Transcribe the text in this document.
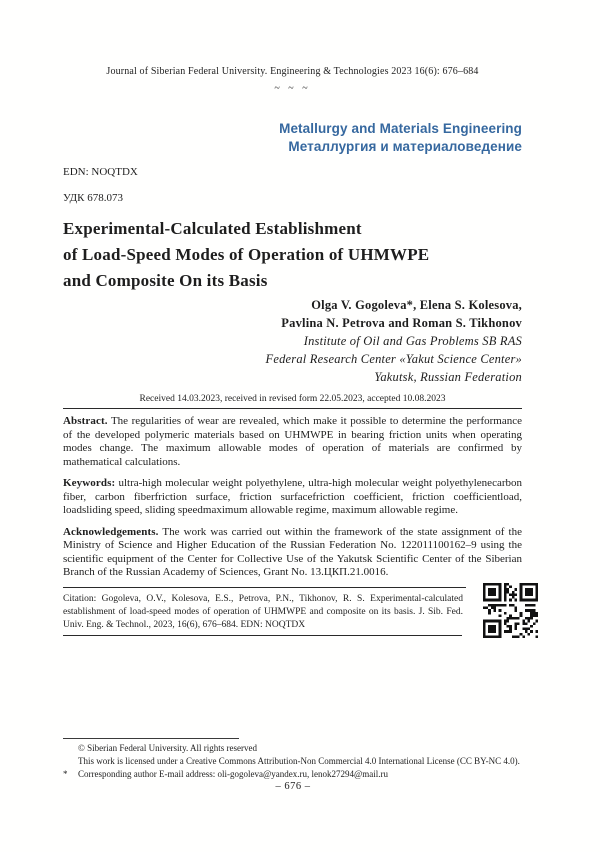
Journal of Siberian Federal University. Engineering & Technologies 2023 16(6): 676–684
~ ~ ~
Metallurgy and Materials Engineering
Металлургия и материаловедение
EDN: NOQTDX
УДК 678.073
Experimental-Calculated Establishment
of Load-Speed Modes of Operation of UHMWPE
and Composite On its Basis
Olga V. Gogoleva*, Elena S. Kolesova,
Pavlina N. Petrova and Roman S. Tikhonov
Institute of Oil and Gas Problems SB RAS
Federal Research Center «Yakut Science Center»
Yakutsk, Russian Federation
Received 14.03.2023, received in revised form 22.05.2023, accepted 10.08.2023
Abstract. The regularities of wear are revealed, which make it possible to determine the performance of the developed polymeric materials based on UHMWPE in bearing friction units when operating modes change. The maximum allowable modes of operation of materials are confirmed by mathematical calculations.
Keywords: ultra-high molecular weight polyethylene, ultra-high molecular weight polyethylenecarbon fiber, carbon fiberfriction surface, friction surfacefriction coefficient, friction coefficientload, loadsliding speed, sliding speedmaximum allowable regime, maximum allowable regime.
Acknowledgements. The work was carried out within the framework of the state assignment of the Ministry of Science and Higher Education of the Russian Federation No. 122011100162–9 using the scientific equipment of the Center for Collective Use of the Yakutsk Scientific Center of the Siberian Branch of the Russian Academy of Sciences, Grant No. 13.ЦКП.21.0016.
Citation: Gogoleva, O.V., Kolesova, E.S., Petrova, P.N., Tikhonov, R. S. Experimental-calculated establishment of load-speed modes of operation of UHMWPE and composite on its basis. J. Sib. Fed. Univ. Eng. & Technol., 2023, 16(6), 676–684. EDN: NOQTDX
© Siberian Federal University. All rights reserved
This work is licensed under a Creative Commons Attribution-Non Commercial 4.0 International License (CC BY-NC 4.0).
* Corresponding author E-mail address: oli-gogoleva@yandex.ru, lenok27294@mail.ru
– 676 –
